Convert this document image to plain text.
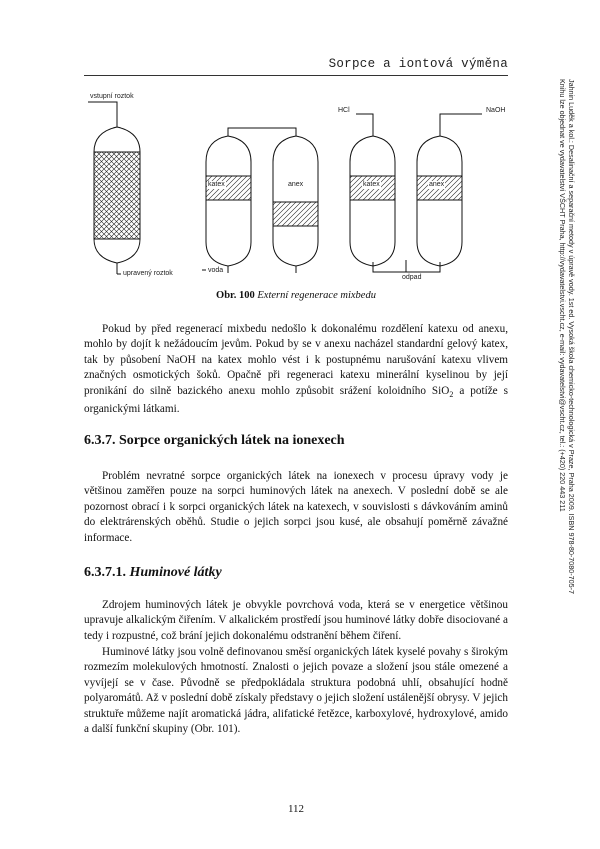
Sorpce a iontová výměna
Jahnin Luděk a kol.: Desalinační a separační metody v úpravě vody. 1st ed. Vysoká škola chemicko-technologická v Praze, Praha 2009. ISBN 978-80-7080-705-7
Knihu lze objednat ve vydavatelství VŠCHT Praha, http://vydavatelstvi.vscht.cz, e-mail: vydavatelstvi@vscht.cz, tel.: (+420) 220 443 211
vstupní roztok
upravený roztok	voda
HCl	NaOH
odpad
katex	anex	katex	anex
Obr. 100 Externí regenerace mixbedu

Pokud by před regenerací mixbedu nedošlo k dokonalému rozdělení katexu od anexu, mohlo by dojít k nežádoucím jevům. Pokud by se v anexu nacházel standardní gelový katex, tak by působení NaOH na katex mohlo vést i k postupnému narušování katexu vlivem značných osmotických šoků. Opačně při regeneraci katexu minerální kyselinou by její pronikání do silně bazického anexu mohlo způsobit srážení koloidního SiO$_2$ a potíže s organickými látkami.

6.3.7. Sorpce organických látek na ionexech

Problém nevratné sorpce organických látek na ionexech v procesu úpravy vody je většinou zaměřen pouze na sorpci huminových látek na anexech. V poslední době se ale pozornost obrací i k sorpci organických látek na katexech, v souvislosti s dávkováním aminů do elektrárenských oběhů. Studie o jejich sorpci jsou kusé, ale obsahují poměrně závažné informace.

6.3.7.1. Huminové látky

Zdrojem huminových látek je obvykle povrchová voda, která se v energetice většinou upravuje alkalickým čiřením. V alkalickém prostředí jsou huminové látky dobře disociované a tedy i rozpustné, což brání jejich dokonalému odstranění během čiření.

Huminové látky jsou volně definovanou směsí organických látek kyselé povahy s širokým rozmezím molekulových hmotností. Znalosti o jejich povaze a složení jsou stále omezené a vyvíjejí se v čase. Původně se předpokládala struktura podobná uhlí, obsahující hodně polyaromátů. Až v poslední době získaly představy o jejich složení ustálenější obrysy. V jejich struktuře můžeme najít aromatická jádra, alifatické řetězce, karboxylové, hydroxylové, amido a další funkční skupiny (Obr. 101).

112
